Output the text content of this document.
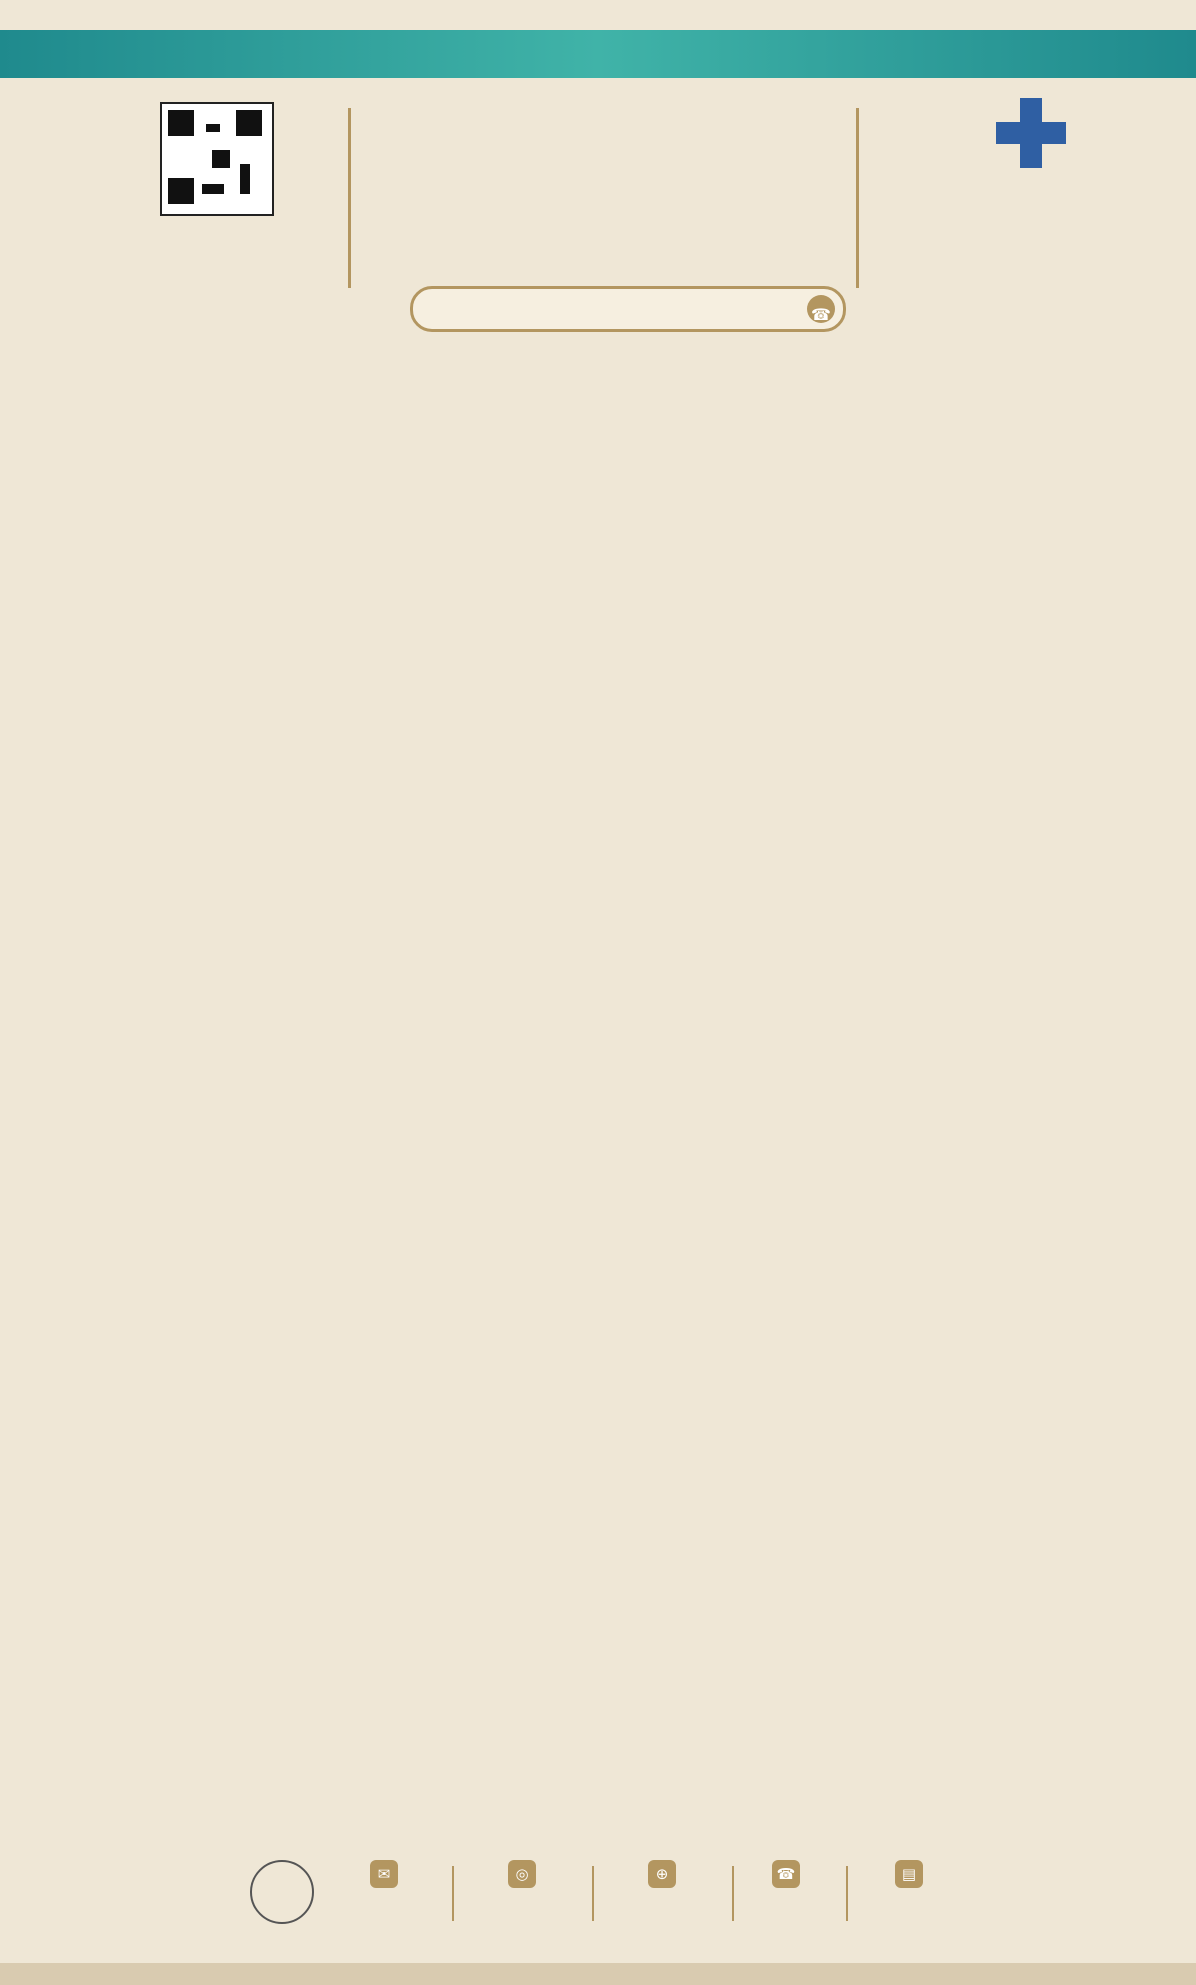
☎
✉	◎	⊕	☎	▤
